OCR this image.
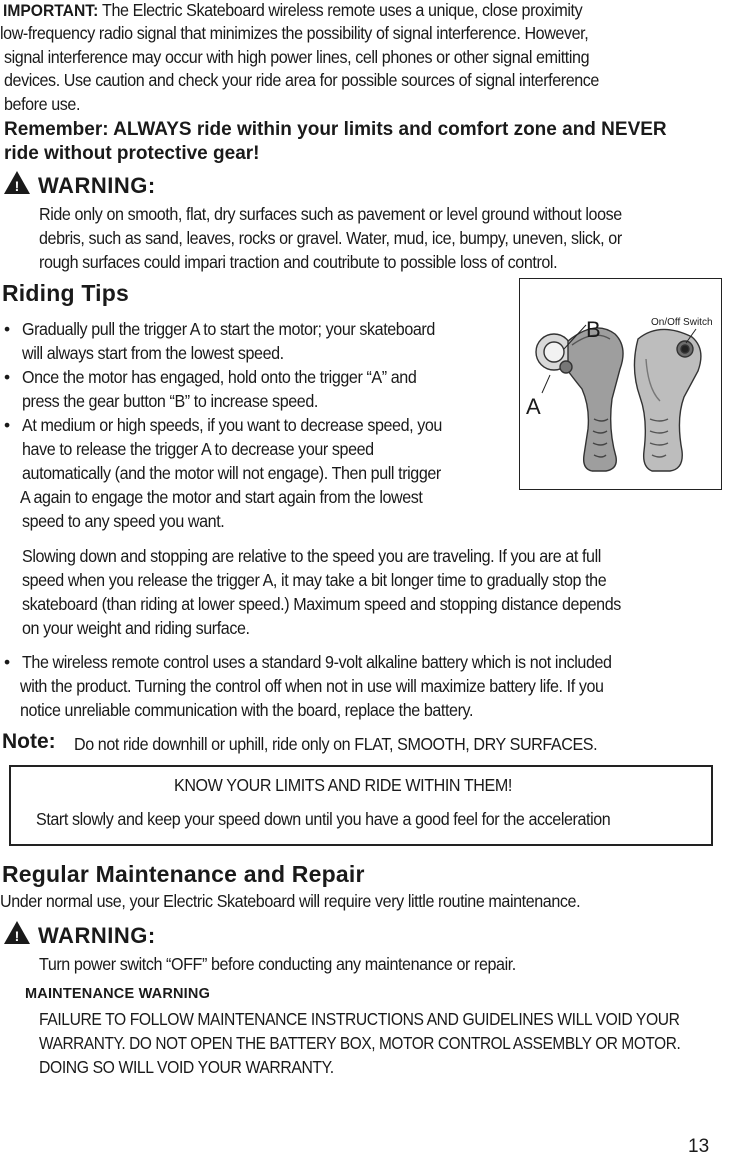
IMPORTANT: The Electric Skateboard wireless remote uses a unique, close proximity
low-frequency radio signal that minimizes the possibility of signal interference. However,
signal interference may occur with high power lines, cell phones or other signal emitting
devices. Use caution and check your ride area for possible sources of signal interference
before use.
Remember: ALWAYS ride within your limits and comfort zone and NEVER
ride without protective gear!
! WARNING:
Ride only on smooth, flat, dry surfaces such as pavement or level ground without loose
debris, such as sand, leaves, rocks or gravel. Water, mud, ice, bumpy, uneven, slick, or
rough surfaces could impari traction and coutribute to possible loss of control.
Riding Tips
• Gradually pull the trigger A to start the motor; your skateboard
will always start from the lowest speed.
• Once the motor has engaged, hold onto the trigger “A” and
press the gear button “B” to increase speed.
• At medium or high speeds, if you want to decrease speed, you
have to release the trigger A to decrease your speed
automatically (and the motor will not engage). Then pull trigger
A again to engage the motor and start again from the lowest
speed to any speed you want.
B
A
On/Off Switch
Slowing down and stopping are relative to the speed you are traveling. If you are at full
speed when you release the trigger A, it may take a bit longer time to gradually stop the
skateboard (than riding at lower speed.) Maximum speed and stopping distance depends
on your weight and riding surface.
• The wireless remote control uses a standard 9-volt alkaline battery which is not included
with the product. Turning the control off when not in use will maximize battery life. If you
notice unreliable communication with the board, replace the battery.
Note: Do not ride downhill or uphill, ride only on FLAT, SMOOTH, DRY SURFACES.
KNOW YOUR LIMITS AND RIDE WITHIN THEM!
Start slowly and keep your speed down until you have a good feel for the acceleration
Regular Maintenance and Repair
Under normal use, your Electric Skateboard will require very little routine maintenance.
! WARNING:
Turn power switch “OFF” before conducting any maintenance or repair.
MAINTENANCE WARNING
FAILURE TO FOLLOW MAINTENANCE INSTRUCTIONS AND GUIDELINES WILL VOID YOUR
WARRANTY. DO NOT OPEN THE BATTERY BOX, MOTOR CONTROL ASSEMBLY OR MOTOR.
DOING SO WILL VOID YOUR WARRANTY.
13
